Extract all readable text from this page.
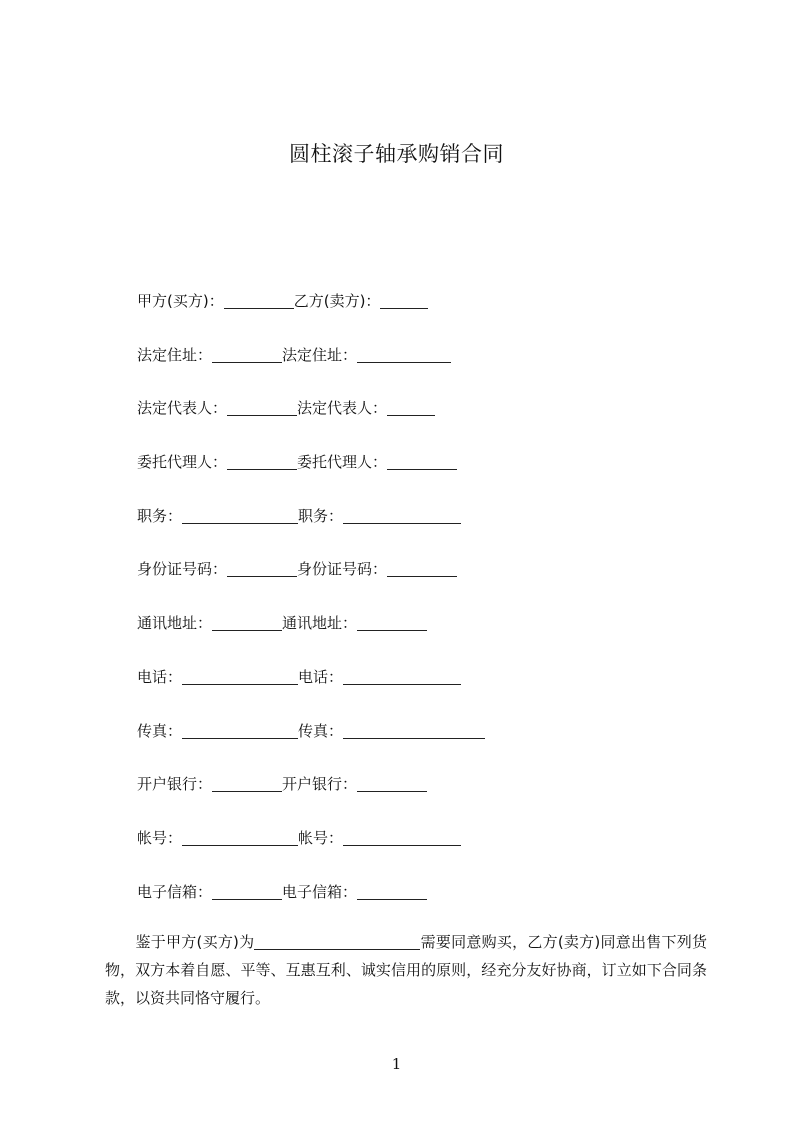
圆柱滚子轴承购销合同
甲方(买方)：	乙方(卖方)：
法定住址：	法定住址：
法定代表人：	法定代表人：
委托代理人：	委托代理人：
职务：	职务：
身份证号码：	身份证号码：
通讯地址：	通讯地址：
电话：	电话：
传真：	传真：
开户银行：	开户银行：
帐号：	帐号：
电子信箱：	电子信箱：
　　鉴于甲方(买方)为	需要同意购买，乙方(卖方)同意出售下列货物，双方本着自愿、平等、互惠互利、诚实信用的原则，经充分友好协商，订立如下合同条款，以资共同恪守履行。
1
